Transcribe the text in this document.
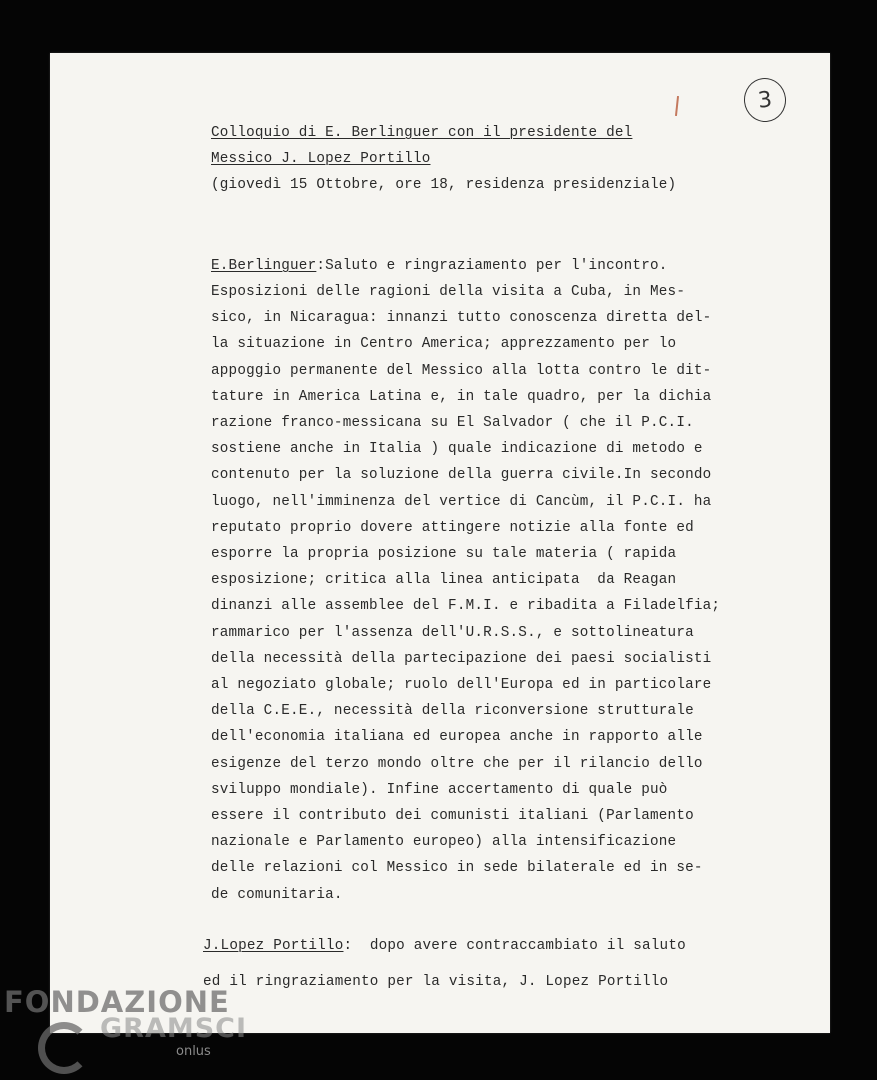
3
Colloquio di E. Berlinguer con il presidente del
Messico J. Lopez Portillo
(giovedì 15 Ottobre, ore 18, residenza presidenziale)
E.Berlinguer:Saluto e ringraziamento per l'incontro.
Esposizioni delle ragioni della visita a Cuba, in Mes-
sico, in Nicaragua: innanzi tutto conoscenza diretta del-
la situazione in Centro America; apprezzamento per lo
appoggio permanente del Messico alla lotta contro le dit-
tature in America Latina e, in tale quadro, per la dichia
razione franco-messicana su El Salvador ( che il P.C.I.
sostiene anche in Italia ) quale indicazione di metodo e
contenuto per la soluzione della guerra civile.In secondo
luogo, nell'imminenza del vertice di Cancùm, il P.C.I. ha
reputato proprio dovere attingere notizie alla fonte ed
esporre la propria posizione su tale materia ( rapida
esposizione; critica alla linea anticipata  da Reagan
dinanzi alle assemblee del F.M.I. e ribadita a Filadelfia;
rammarico per l'assenza dell'U.R.S.S., e sottolineatura
della necessità della partecipazione dei paesi socialisti
al negoziato globale; ruolo dell'Europa ed in particolare
della C.E.E., necessità della riconversione strutturale
dell'economia italiana ed europea anche in rapporto alle
esigenze del terzo mondo oltre che per il rilancio dello
sviluppo mondiale). Infine accertamento di quale può
essere il contributo dei comunisti italiani (Parlamento
nazionale e Parlamento europeo) alla intensificazione
delle relazioni col Messico in sede bilaterale ed in se-
de comunitaria.
J.Lopez Portillo:  dopo avere contraccambiato il saluto
ed il ringraziamento per la visita, J. Lopez Portillo
FONDAZIONE
GRAMSCI
onlus
